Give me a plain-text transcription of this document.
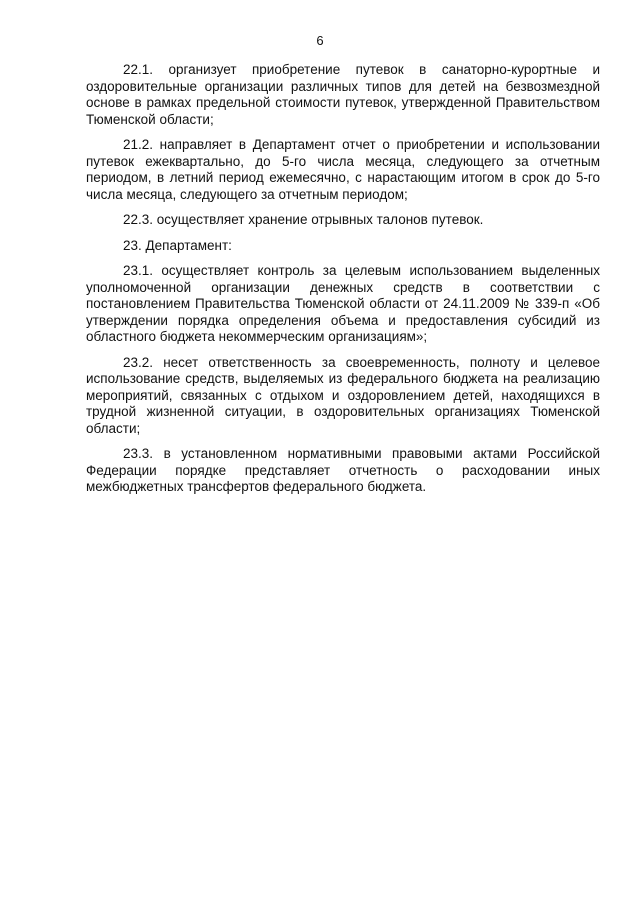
6

22.1. организует приобретение путевок в санаторно-курортные и оздоровительные организации различных типов для детей на безвозмездной основе в рамках предельной стоимости путевок, утвержденной Правительством Тюменской области;

21.2. направляет в Департамент отчет о приобретении и использовании путевок ежеквартально, до 5-го числа месяца, следующего за отчетным периодом, в летний период ежемесячно, с нарастающим итогом в срок до 5-го числа месяца, следующего за отчетным периодом;

22.3. осуществляет хранение отрывных талонов путевок.

23. Департамент:

23.1. осуществляет контроль за целевым использованием выделенных уполномоченной организации денежных средств в соответствии с постановлением Правительства Тюменской области от 24.11.2009 № 339-п «Об утверждении порядка определения объема и предоставления субсидий из областного бюджета некоммерческим организациям»;

23.2. несет ответственность за своевременность, полноту и целевое использование средств, выделяемых из федерального бюджета на реализацию мероприятий, связанных с отдыхом и оздоровлением детей, находящихся в трудной жизненной ситуации, в оздоровительных организациях Тюменской области;

23.3. в установленном нормативными правовыми актами Российской Федерации порядке представляет отчетность о расходовании иных межбюджетных трансфертов федерального бюджета.
